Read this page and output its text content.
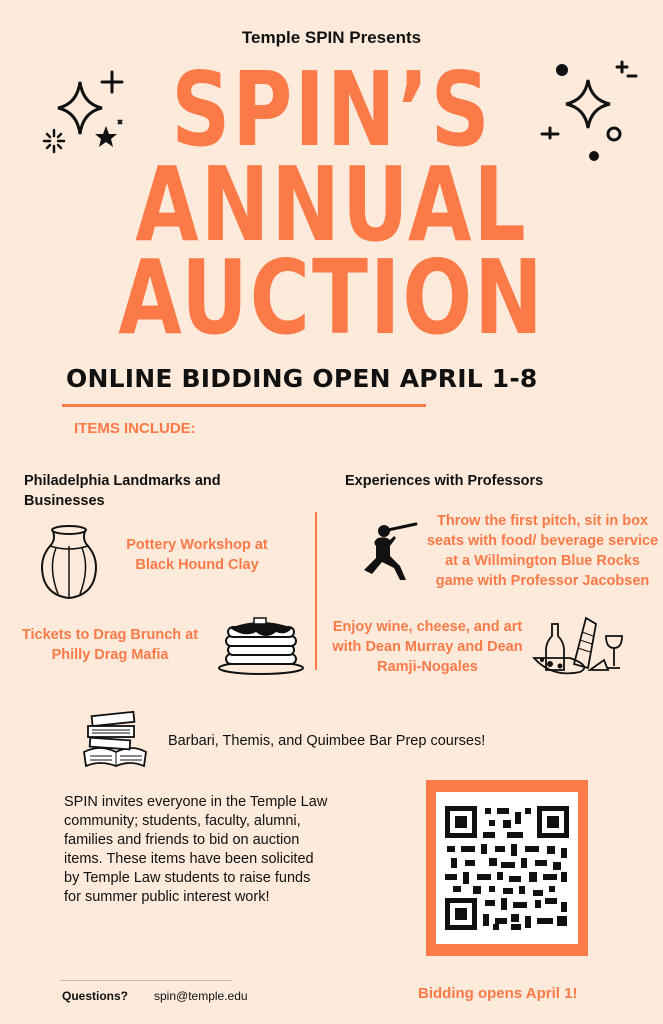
Temple SPIN Presents
SPIN’S
ANNUAL
AUCTION
ONLINE BIDDING OPEN APRIL 1-8
ITEMS INCLUDE:
Philadelphia Landmarks and Businesses
Experiences with Professors
Pottery Workshop at Black Hound Clay
Tickets to Drag Brunch at Philly Drag Mafia
Throw the first pitch, sit in box seats with food/ beverage service at a Willmington Blue Rocks game with Professor Jacobsen
Enjoy wine, cheese, and art with Dean Murray and Dean Ramji-Nogales
Barbari, Themis, and Quimbee Bar Prep courses!
SPIN invites everyone in the Temple Law community; students, faculty, alumni, families and friends to bid on auction items. These items have been solicited by Temple Law students to raise funds for summer public interest work!
Questions? spin@temple.edu	Bidding opens April 1!
